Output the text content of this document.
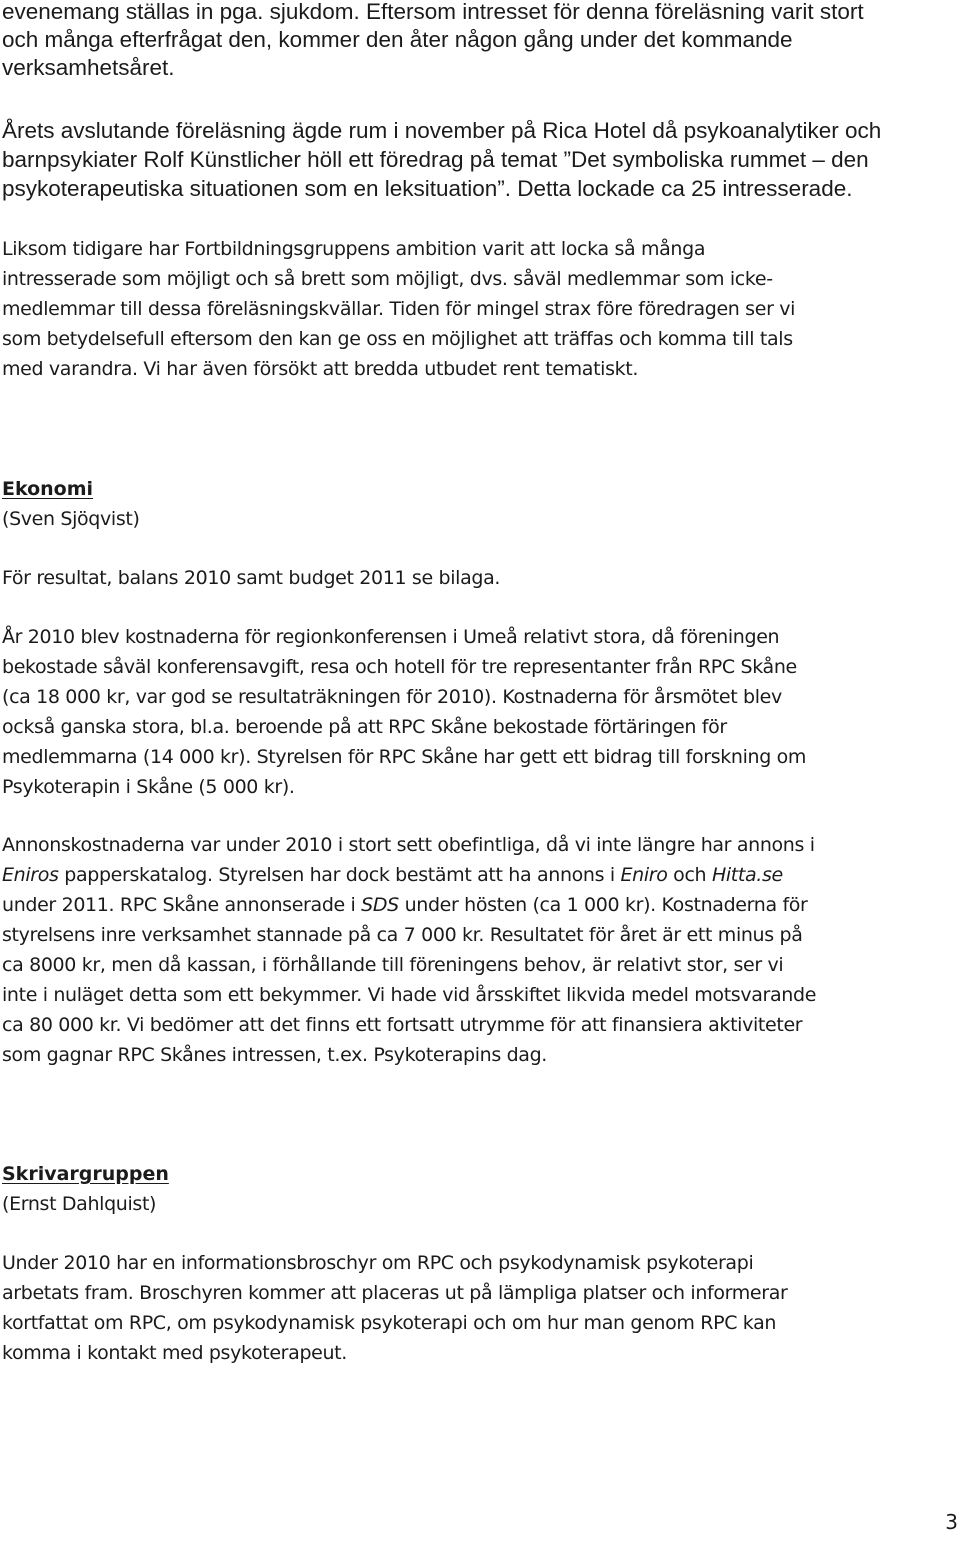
evenemang ställas in pga. sjukdom. Eftersom intresset för denna föreläsning varit stort
och många efterfrågat den, kommer den åter någon gång under det kommande
verksamhetsåret.
Årets avslutande föreläsning ägde rum i november på Rica Hotel då psykoanalytiker och
barnpsykiater Rolf Künstlicher höll ett föredrag på temat ”Det symboliska rummet – den
psykoterapeutiska situationen som en leksituation”. Detta lockade ca 25 intresserade.
Liksom tidigare har Fortbildningsgruppens ambition varit att locka så många
intresserade som möjligt och så brett som möjligt, dvs. såväl medlemmar som icke-
medlemmar till dessa föreläsningskvällar. Tiden för mingel strax före föredragen ser vi
som betydelsefull eftersom den kan ge oss en möjlighet att träffas och komma till tals
med varandra. Vi har även försökt att bredda utbudet rent tematiskt.
Ekonomi
(Sven Sjöqvist)
För resultat, balans 2010 samt budget 2011 se bilaga.
År 2010 blev kostnaderna för regionkonferensen i Umeå relativt stora, då föreningen
bekostade såväl konferensavgift, resa och hotell för tre representanter från RPC Skåne
(ca 18 000 kr, var god se resultaträkningen för 2010). Kostnaderna för årsmötet blev
också ganska stora, bl.a. beroende på att RPC Skåne bekostade förtäringen för
medlemmarna (14 000 kr). Styrelsen för RPC Skåne har gett ett bidrag till forskning om
Psykoterapin i Skåne (5 000 kr).
Annonskostnaderna var under 2010 i stort sett obefintliga, då vi inte längre har annons i
Eniros papperskatalog. Styrelsen har dock bestämt att ha annons i Eniro och Hitta.se
under 2011. RPC Skåne annonserade i SDS under hösten (ca 1 000 kr). Kostnaderna för
styrelsens inre verksamhet stannade på ca 7 000 kr. Resultatet för året är ett minus på
ca 8000 kr, men då kassan, i förhållande till föreningens behov, är relativt stor, ser vi
inte i nuläget detta som ett bekymmer. Vi hade vid årsskiftet likvida medel motsvarande
ca 80 000 kr. Vi bedömer att det finns ett fortsatt utrymme för att finansiera aktiviteter
som gagnar RPC Skånes intressen, t.ex. Psykoterapins dag.
Skrivargruppen
(Ernst Dahlquist)
Under 2010 har en informationsbroschyr om RPC och psykodynamisk psykoterapi
arbetats fram. Broschyren kommer att placeras ut på lämpliga platser och informerar
kortfattat om RPC, om psykodynamisk psykoterapi och om hur man genom RPC kan
komma i kontakt med psykoterapeut.
3
